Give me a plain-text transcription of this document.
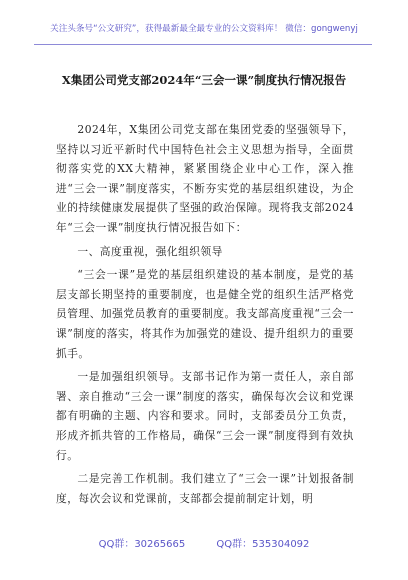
关注头条号“公文研究”，获得最新最全最专业的公文资料库！ 微信：gongwenyj
X集团公司党支部2024年“三会一课”制度执行情况报告

2024年，X集团公司党支部在集团党委的坚强领导下，坚持以习近平新时代中国特色社会主义思想为指导，全面贯彻落实党的XX大精神，紧紧围绕企业中心工作，深入推进“三会一课”制度落实，不断夯实党的基层组织建设，为企业的持续健康发展提供了坚强的政治保障。现将我支部2024年“三会一课”制度执行情况报告如下：

一、高度重视，强化组织领导

“三会一课”是党的基层组织建设的基本制度，是党的基层支部长期坚持的重要制度，也是健全党的组织生活严格党员管理、加强党员教育的重要制度。我支部高度重视“三会一课”制度的落实，将其作为加强党的建设、提升组织力的重要抓手。

一是加强组织领导。支部书记作为第一责任人，亲自部署、亲自推动“三会一课”制度的落实，确保每次会议和党课都有明确的主题、内容和要求。同时，支部委员分工负责，形成齐抓共管的工作格局，确保“三会一课”制度得到有效执行。

二是完善工作机制。我们建立了“三会一课”计划报备制度，每次会议和党课前，支部都会提前制定计划，明

QQ群：30265665	QQ群：535304092
